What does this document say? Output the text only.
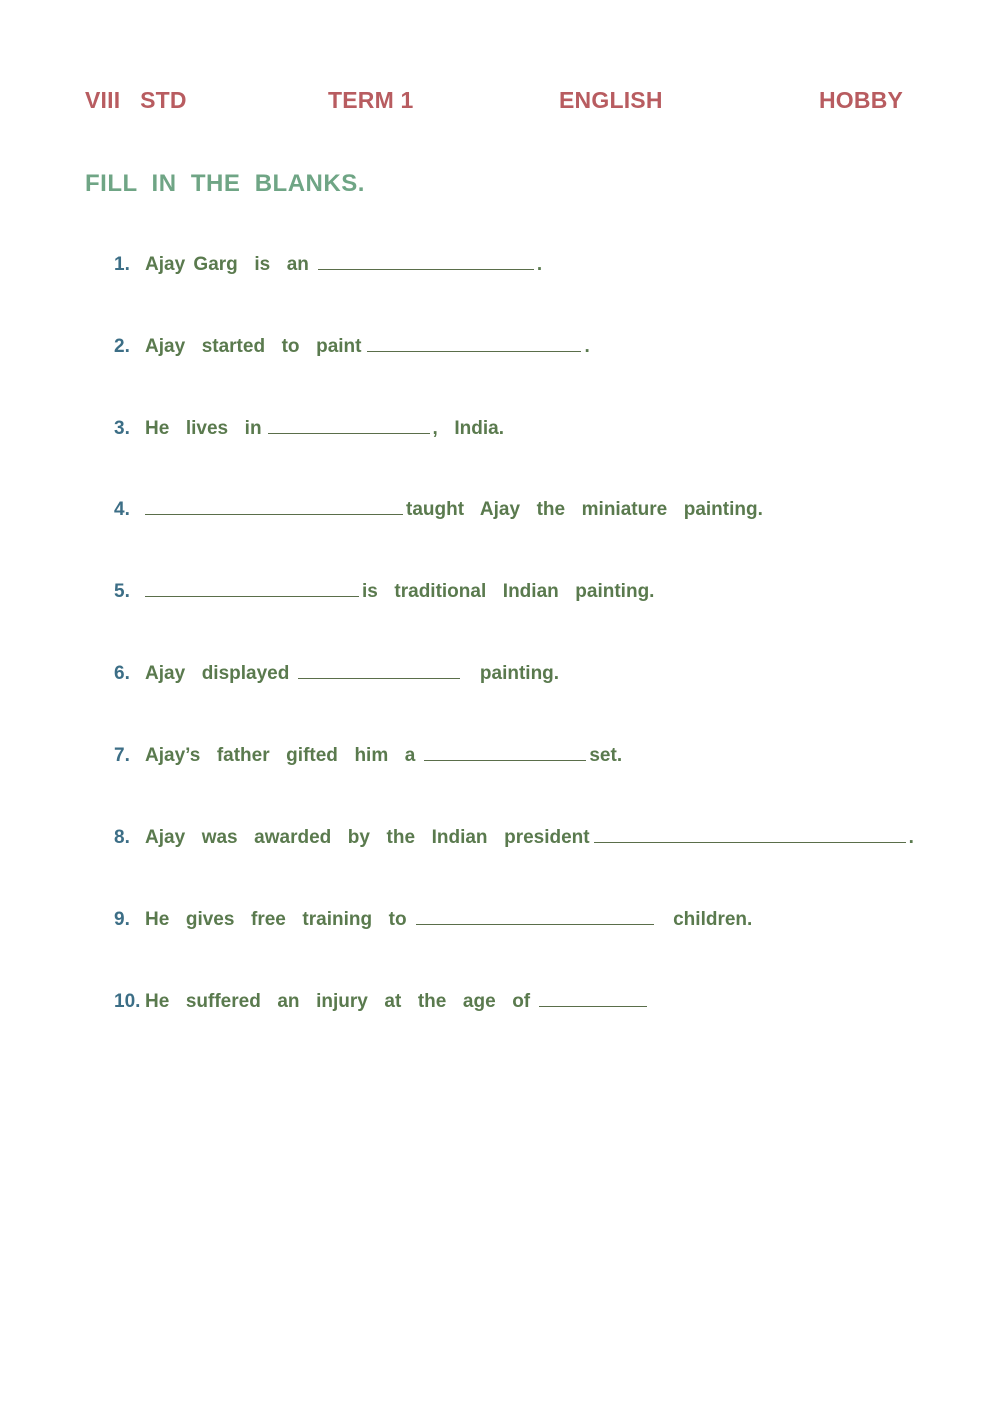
VIII   STD	TERM 1	ENGLISH	HOBBY
FILL  IN  THE  BLANKS.
1. Ajay Garg  is  an	.
2. Ajay  started  to  paint	.
3. He  lives  in	,  India.
4.	taught  Ajay  the  miniature  painting.
5.	is  traditional  Indian  painting.
6. Ajay  displayed	painting.
7. Ajay’s  father  gifted  him  a	set.
8. Ajay  was  awarded  by  the  Indian  president	.
9. He  gives  free  training  to	children.
10. He  suffered  an  injury  at  the  age  of
